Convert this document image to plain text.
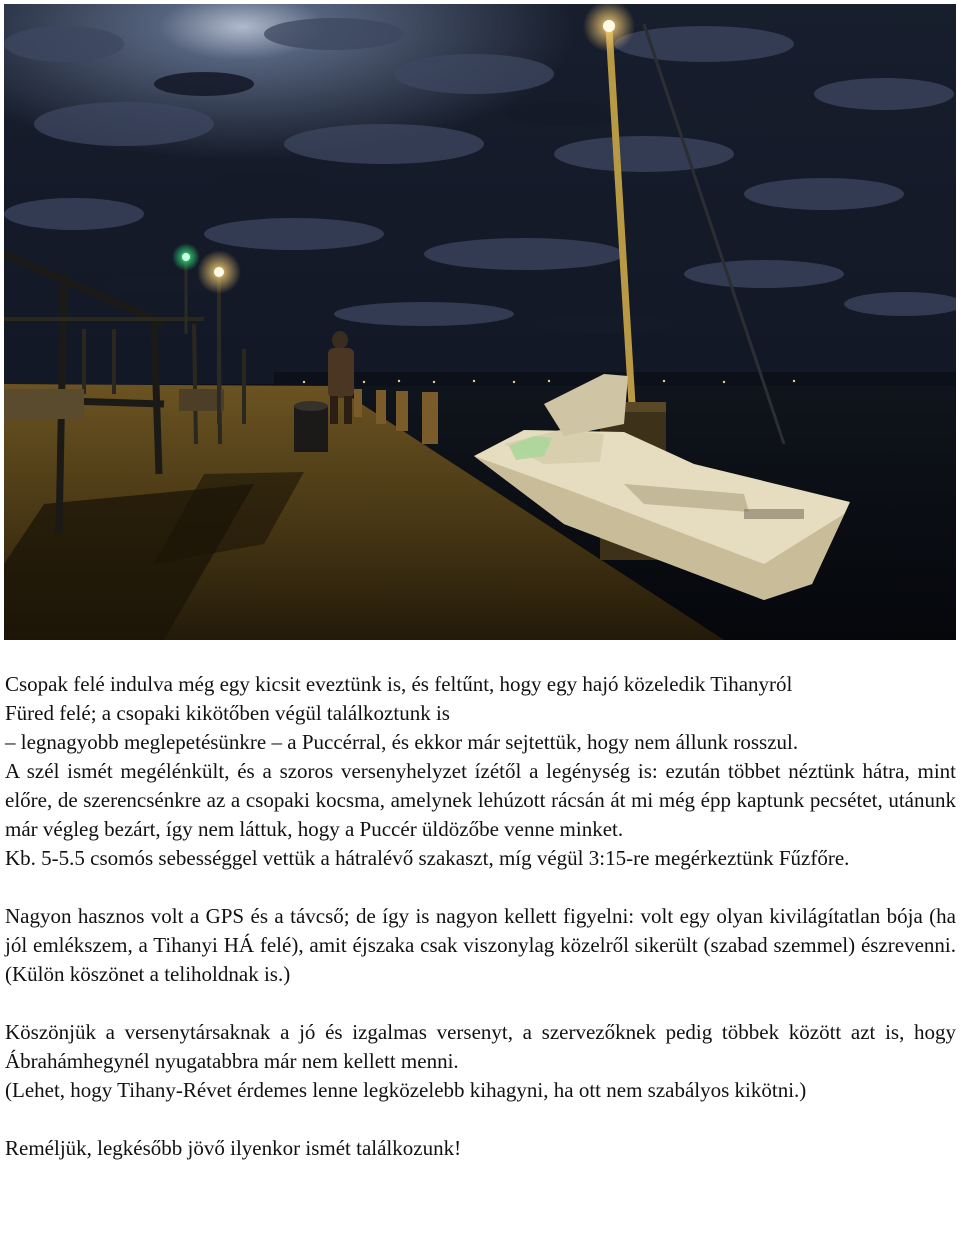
Csopak felé indulva még egy kicsit eveztünk is, és feltűnt, hogy egy hajó közeledik Tihanyról
Füred felé; a csopaki kikötőben végül találkoztunk is
– legnagyobb meglepetésünkre – a Puccérral, és ekkor már sejtettük, hogy nem állunk rosszul.
A szél ismét megélénkült, és a szoros versenyhelyzet ízétől a legénység is: ezután többet néztünk hátra, mint előre, de szerencsénkre az a csopaki kocsma, amelynek lehúzott rácsán át mi még épp kaptunk pecsétet, utánunk már végleg bezárt, így nem láttuk, hogy a Puccér üldözőbe venne minket.
Kb. 5-5.5 csomós sebességgel vettük a hátralévő szakaszt, míg végül 3:15-re megérkeztünk Fűzfőre.

Nagyon hasznos volt a GPS és a távcső; de így is nagyon kellett figyelni: volt egy olyan kivilágítatlan bója (ha jól emlékszem, a Tihanyi HÁ felé), amit éjszaka csak viszonylag közelről sikerült (szabad szemmel) észrevenni. (Külön köszönet a teliholdnak is.)

Köszönjük a versenytársaknak a jó és izgalmas versenyt, a szervezőknek pedig többek között azt is, hogy Ábrahámhegynél nyugatabbra már nem kellett menni.
(Lehet, hogy Tihany-Révet érdemes lenne legközelebb kihagyni, ha ott nem szabályos kikötni.)

Reméljük, legkésőbb jövő ilyenkor ismét találkozunk!
